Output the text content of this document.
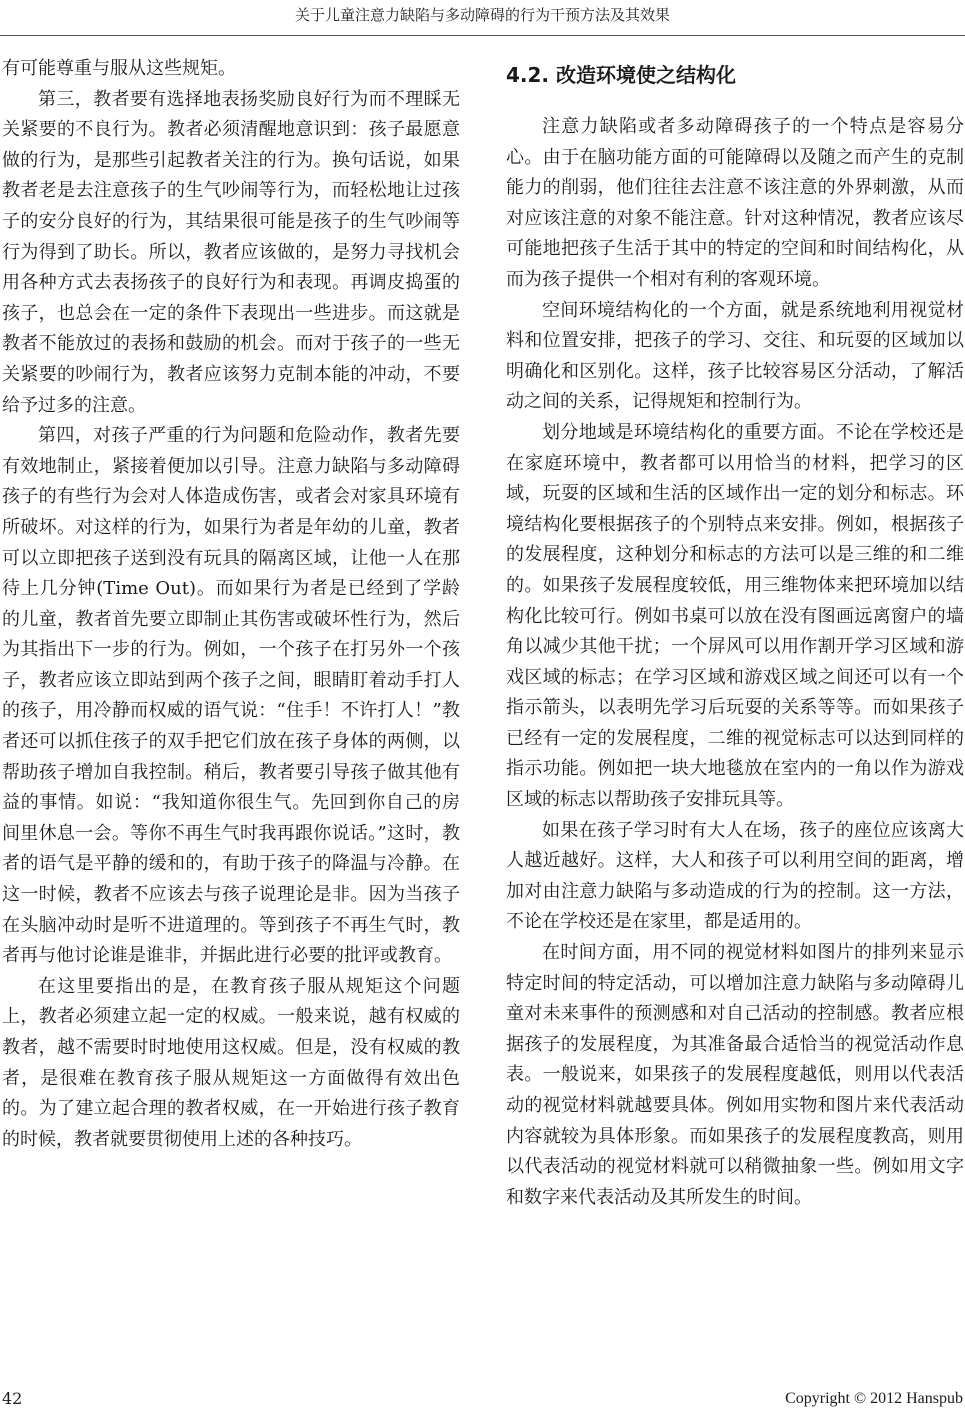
关于儿童注意力缺陷与多动障碍的行为干预方法及其效果

有可能尊重与服从这些规矩。

第三，教者要有选择地表扬奖励良好行为而不理睬无关紧要的不良行为。教者必须清醒地意识到：孩子最愿意做的行为，是那些引起教者关注的行为。换句话说，如果教者老是去注意孩子的生气吵闹等行为，而轻松地让过孩子的安分良好的行为，其结果很可能是孩子的生气吵闹等行为得到了助长。所以，教者应该做的，是努力寻找机会用各种方式去表扬孩子的良好行为和表现。再调皮捣蛋的孩子，也总会在一定的条件下表现出一些进步。而这就是教者不能放过的表扬和鼓励的机会。而对于孩子的一些无关紧要的吵闹行为，教者应该努力克制本能的冲动，不要给予过多的注意。

第四，对孩子严重的行为问题和危险动作，教者先要有效地制止，紧接着便加以引导。注意力缺陷与多动障碍孩子的有些行为会对人体造成伤害，或者会对家具环境有所破坏。对这样的行为，如果行为者是年幼的儿童，教者可以立即把孩子送到没有玩具的隔离区域，让他一人在那待上几分钟(Time Out)。而如果行为者是已经到了学龄的儿童，教者首先要立即制止其伤害或破坏性行为，然后为其指出下一步的行为。例如，一个孩子在打另外一个孩子，教者应该立即站到两个孩子之间，眼睛盯着动手打人的孩子，用冷静而权威的语气说：“住手！不许打人！”教者还可以抓住孩子的双手把它们放在孩子身体的两侧，以帮助孩子增加自我控制。稍后，教者要引导孩子做其他有益的事情。如说：“我知道你很生气。先回到你自己的房间里休息一会。等你不再生气时我再跟你说话。”这时，教者的语气是平静的缓和的，有助于孩子的降温与冷静。在这一时候，教者不应该去与孩子说理论是非。因为当孩子在头脑冲动时是听不进道理的。等到孩子不再生气时，教者再与他讨论谁是谁非，并据此进行必要的批评或教育。

在这里要指出的是，在教育孩子服从规矩这个问题上，教者必须建立起一定的权威。一般来说，越有权威的教者，越不需要时时地使用这权威。但是，没有权威的教者，是很难在教育孩子服从规矩这一方面做得有效出色的。为了建立起合理的教者权威，在一开始进行孩子教育的时候，教者就要贯彻使用上述的各种技巧。

4.2. 改造环境使之结构化

注意力缺陷或者多动障碍孩子的一个特点是容易分心。由于在脑功能方面的可能障碍以及随之而产生的克制能力的削弱，他们往往去注意不该注意的外界刺激，从而对应该注意的对象不能注意。针对这种情况，教者应该尽可能地把孩子生活于其中的特定的空间和时间结构化，从而为孩子提供一个相对有利的客观环境。

空间环境结构化的一个方面，就是系统地利用视觉材料和位置安排，把孩子的学习、交往、和玩耍的区域加以明确化和区别化。这样，孩子比较容易区分活动，了解活动之间的关系，记得规矩和控制行为。

划分地域是环境结构化的重要方面。不论在学校还是在家庭环境中，教者都可以用恰当的材料，把学习的区域，玩耍的区域和生活的区域作出一定的划分和标志。环境结构化要根据孩子的个别特点来安排。例如，根据孩子的发展程度，这种划分和标志的方法可以是三维的和二维的。如果孩子发展程度较低，用三维物体来把环境加以结构化比较可行。例如书桌可以放在没有图画远离窗户的墙角以减少其他干扰；一个屏风可以用作割开学习区域和游戏区域的标志；在学习区域和游戏区域之间还可以有一个指示箭头，以表明先学习后玩耍的关系等等。而如果孩子已经有一定的发展程度，二维的视觉标志可以达到同样的指示功能。例如把一块大地毯放在室内的一角以作为游戏区域的标志以帮助孩子安排玩具等。

如果在孩子学习时有大人在场，孩子的座位应该离大人越近越好。这样，大人和孩子可以利用空间的距离，增加对由注意力缺陷与多动造成的行为的控制。这一方法，不论在学校还是在家里，都是适用的。

在时间方面，用不同的视觉材料如图片的排列来显示特定时间的特定活动，可以增加注意力缺陷与多动障碍儿童对未来事件的预测感和对自己活动的控制感。教者应根据孩子的发展程度，为其准备最合适恰当的视觉活动作息表。一般说来，如果孩子的发展程度越低，则用以代表活动的视觉材料就越要具体。例如用实物和图片来代表活动内容就较为具体形象。而如果孩子的发展程度教高，则用以代表活动的视觉材料就可以稍微抽象一些。例如用文字和数字来代表活动及其所发生的时间。

42	Copyright © 2012 Hanspub
